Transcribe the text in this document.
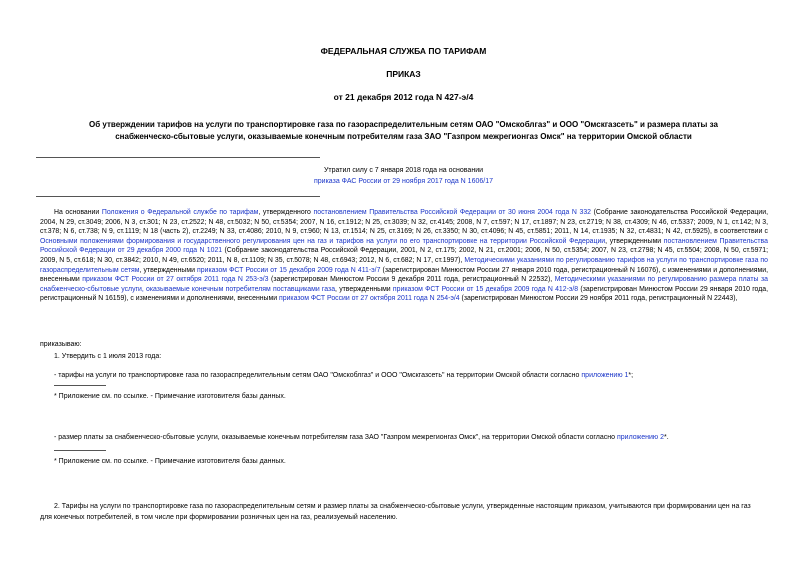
ФЕДЕРАЛЬНАЯ СЛУЖБА ПО ТАРИФАМ
ПРИКАЗ
от 21 декабря 2012 года N 427-э/4
Об утверждении тарифов на услуги по транспортировке газа по газораспределительным сетям ОАО "Омскоблгаз" и ООО "Омскгазсеть" и размера платы за
снабженческо-сбытовые услуги, оказываемые конечным потребителям газа ЗАО "Газпром межрегионгаз Омск" на территории Омской области
Утратил силу с 7 января 2018 года на основании
приказа ФАС России от 29 ноября 2017 года N 1606/17
На основании Положения о Федеральной службе по тарифам, утвержденного постановлением Правительства Российской Федерации от 30 июня 2004 года N 332 (Собрание законодательства Российской Федерации, 2004, N 29, ст.3049; 2006, N 3, ст.301; N 23, ст.2522; N 48, ст.5032; N 50, ст.5354; 2007, N 16, ст.1912; N 25, ст.3039; N 32, ст.4145; 2008, N 7, ст.597; N 17, ст.1897; N 23, ст.2719; N 38, ст.4309; N 46, ст.5337; 2009, N 1, ст.142; N 3, ст.378; N 6, ст.738; N 9, ст.1119; N 18 (часть 2), ст.2249; N 33, ст.4086; 2010, N 9, ст.960; N 13, ст.1514; N 25, ст.3169; N 26, ст.3350; N 30, ст.4096; N 45, ст.5851; 2011, N 14, ст.1935; N 32, ст.4831; N 42, ст.5925), в соответствии с Основными положениями формирования и государственного регулирования цен на газ и тарифов на услуги по его транспортировке на территории Российской Федерации, утвержденными постановлением Правительства Российской Федерации от 29 декабря 2000 года N 1021 (Собрание законодательства Российской Федерации, 2001, N 2, ст.175; 2002, N 21, ст.2001; 2006, N 50, ст.5354; 2007, N 23, ст.2798; N 45, ст.5504; 2008, N 50, ст.5971; 2009, N 5, ст.618; N 30, ст.3842; 2010, N 49, ст.6520; 2011, N 8, ст.1109; N 35, ст.5078; N 48, ст.6943; 2012, N 6, ст.682; N 17, ст.1997), Методическими указаниями по регулированию тарифов на услуги по транспортировке газа по газораспределительным сетям, утвержденными приказом ФСТ России от 15 декабря 2009 года N 411-э/7 (зарегистрирован Минюстом России 27 января 2010 года, регистрационный N 16076), с изменениями и дополнениями, внесенными приказом ФСТ России от 27 октября 2011 года N 253-э/3 (зарегистрирован Минюстом России 9 декабря 2011 года, регистрационный N 22532), Методическими указаниями по регулированию размера платы за снабженческо-сбытовые услуги, оказываемые конечным потребителям поставщиками газа, утвержденными приказом ФСТ России от 15 декабря 2009 года N 412-э/8 (зарегистрирован Минюстом России 29 января 2010 года, регистрационный N 16159), с изменениями и дополнениями, внесенными приказом ФСТ России от 27 октября 2011 года N 254-э/4 (зарегистрирован Минюстом России 29 ноября 2011 года, регистрационный N 22443),
приказываю:
1. Утвердить с 1 июля 2013 года:
- тарифы на услуги по транспортировке газа по газораспределительным сетям ОАО "Омскоблгаз" и ООО "Омскгазсеть" на территории Омской области согласно приложению 1*;
* Приложение см. по ссылке. - Примечание изготовителя базы данных.
- размер платы за снабженческо-сбытовые услуги, оказываемые конечным потребителям газа ЗАО "Газпром межрегионгаз Омск", на территории Омской области согласно приложению 2*.
* Приложение см. по ссылке. - Примечание изготовителя базы данных.
2. Тарифы на услуги по транспортировке газа по газораспределительным сетям и размер платы за снабженческо-сбытовые услуги, утвержденные настоящим приказом, учитываются при формировании цен на газ
для конечных потребителей, в том числе при формировании розничных цен на газ, реализуемый населению.
